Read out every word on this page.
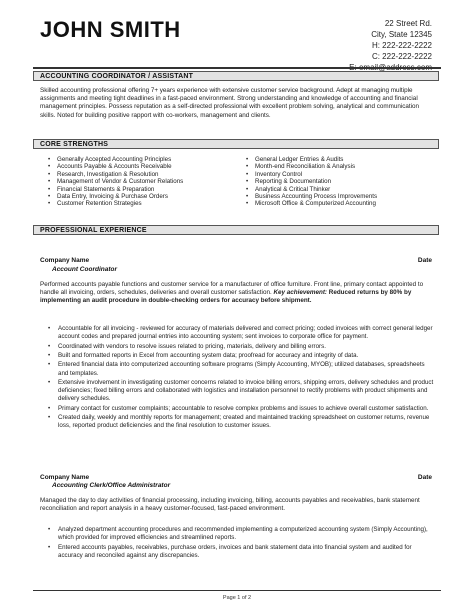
JOHN SMITH	22 Street Rd.
City, State 12345
H: 222-222-2222
C: 222-222-2222
ACCOUNTING COORDINATOR / ASSISTANT
Skilled accounting professional offering 7+ years experience with extensive customer service background. Adept at managing multiple assignments and meeting tight deadlines in a fast-paced environment. Strong understanding and knowledge of accounting and financial management principles. Possess reputation as a self-directed professional with excellent problem solving, analytical and communication skills. Noted for building positive rapport with co-workers, management and clients.
CORE STRENGTHS
• Generally Accepted Accounting Principles
• Accounts Payable & Accounts Receivable
• Research, Investigation & Resolution
• Management of Vendor & Customer Relations
• Financial Statements & Preparation
• Data Entry, Invoicing & Purchase Orders
• Customer Retention Strategies
• General Ledger Entries & Audits
• Month-end Reconciliation & Analysis
• Inventory Control
• Reporting & Documentation
• Analytical & Critical Thinker
• Business Accounting Process Improvements
• Microsoft Office & Computerized Accounting
PROFESSIONAL EXPERIENCE
Company Name	Date
Account Coordinator
Performed accounts payable functions and customer service for a manufacturer of office furniture. Front line, primary contact appointed to handle all invoicing, orders, schedules, deliveries and overall customer satisfaction. Key achievement: Reduced returns by 80% by implementing an audit procedure in double-checking orders for accuracy before shipment.
• Accountable for all invoicing - reviewed for accuracy of materials delivered and correct pricing; coded invoices with correct general ledger account codes and prepared journal entries into accounting system; sent invoices to corporate office for payment.
• Coordinated with vendors to resolve issues related to pricing, materials, delivery and billing errors.
• Built and formatted reports in Excel from accounting system data; proofread for accuracy and integrity of data.
• Entered financial data into computerized accounting software programs (Simply Accounting, MYOB); utilized databases, spreadsheets and templates.
• Extensive involvement in investigating customer concerns related to invoice billing errors, shipping errors, delivery schedules and product deficiencies; fixed billing errors and collaborated with logistics and installation personnel to rectify problems with product shipments and delivery schedules.
• Primary contact for customer complaints; accountable to resolve complex problems and issues to achieve overall customer satisfaction.
• Created daily, weekly and monthly reports for management; created and maintained tracking spreadsheet on customer returns, revenue loss, reported product deficiencies and the final resolution to customer issues.
Company Name	Date
Accounting Clerk/Office Administrator
Managed the day to day activities of financial processing, including invoicing, billing, accounts payables and receivables, bank statement reconciliation and report analysis in a heavy customer-focused, fast-paced environment.
• Analyzed department accounting procedures and recommended implementing a computerized accounting system (Simply Accounting), which provided for improved efficiencies and streamlined reports.
• Entered accounts payables, receivables, purchase orders, invoices and bank statement data into financial system and audited for accuracy and reconciled against any discrepancies.
Page 1 of 2
